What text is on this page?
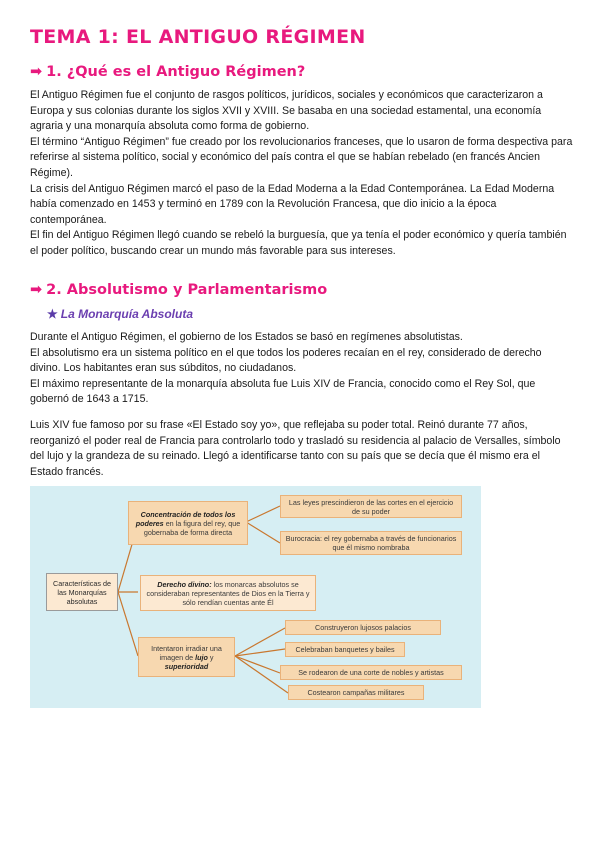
TEMA 1: EL ANTIGUO RÉGIMEN
➡ 1. ¿Qué es el Antiguo Régimen?

El Antiguo Régimen fue el conjunto de rasgos políticos, jurídicos, sociales y económicos que caracterizaron a Europa y sus colonias durante los siglos XVII y XVIII. Se basaba en una sociedad estamental, una economía agraria y una monarquía absoluta como forma de gobierno.

El término “Antiguo Régimen” fue creado por los revolucionarios franceses, que lo usaron de forma despectiva para referirse al sistema político, social y económico del país contra el que se habían rebelado (en francés Ancien Régime).

La crisis del Antiguo Régimen marcó el paso de la Edad Moderna a la Edad Contemporánea. La Edad Moderna había comenzado en 1453 y terminó en 1789 con la Revolución Francesa, que dio inicio a la época contemporánea.

El fin del Antiguo Régimen llegó cuando se rebeló la burguesía, que ya tenía el poder económico y quería también el poder político, buscando crear un mundo más favorable para sus intereses.

➡ 2. Absolutismo y Parlamentarismo
★ La Monarquía Absoluta

Durante el Antiguo Régimen, el gobierno de los Estados se basó en regímenes absolutistas.

El absolutismo era un sistema político en el que todos los poderes recaían en el rey, considerado de derecho divino. Los habitantes eran sus súbditos, no ciudadanos.

El máximo representante de la monarquía absoluta fue Luis XIV de Francia, conocido como el Rey Sol, que gobernó de 1643 a 1715.

Luis XIV fue famoso por su frase «El Estado soy yo», que reflejaba su poder total. Reinó durante 77 años, reorganizó el poder real de Francia para controlarlo todo y trasladó su residencia al palacio de Versalles, símbolo del lujo y la grandeza de su reinado. Llegó a identificarse tanto con su país que se decía que él mismo era el Estado francés.

Características de las Monarquías absolutas
Concentración de todos los poderes en la figura del rey, que gobernaba de forma directa
Las leyes prescindieron de las cortes en el ejercicio de su poder
Burocracia: el rey gobernaba a través de funcionarios que él mismo nombraba
Derecho divino: los monarcas absolutos se consideraban representantes de Dios en la Tierra y sólo rendían cuentas ante Él
Intentaron irradiar una imagen de lujo y superioridad
Construyeron lujosos palacios
Celebraban banquetes y bailes
Se rodearon de una corte de nobles y artistas
Costearon campañas militares
